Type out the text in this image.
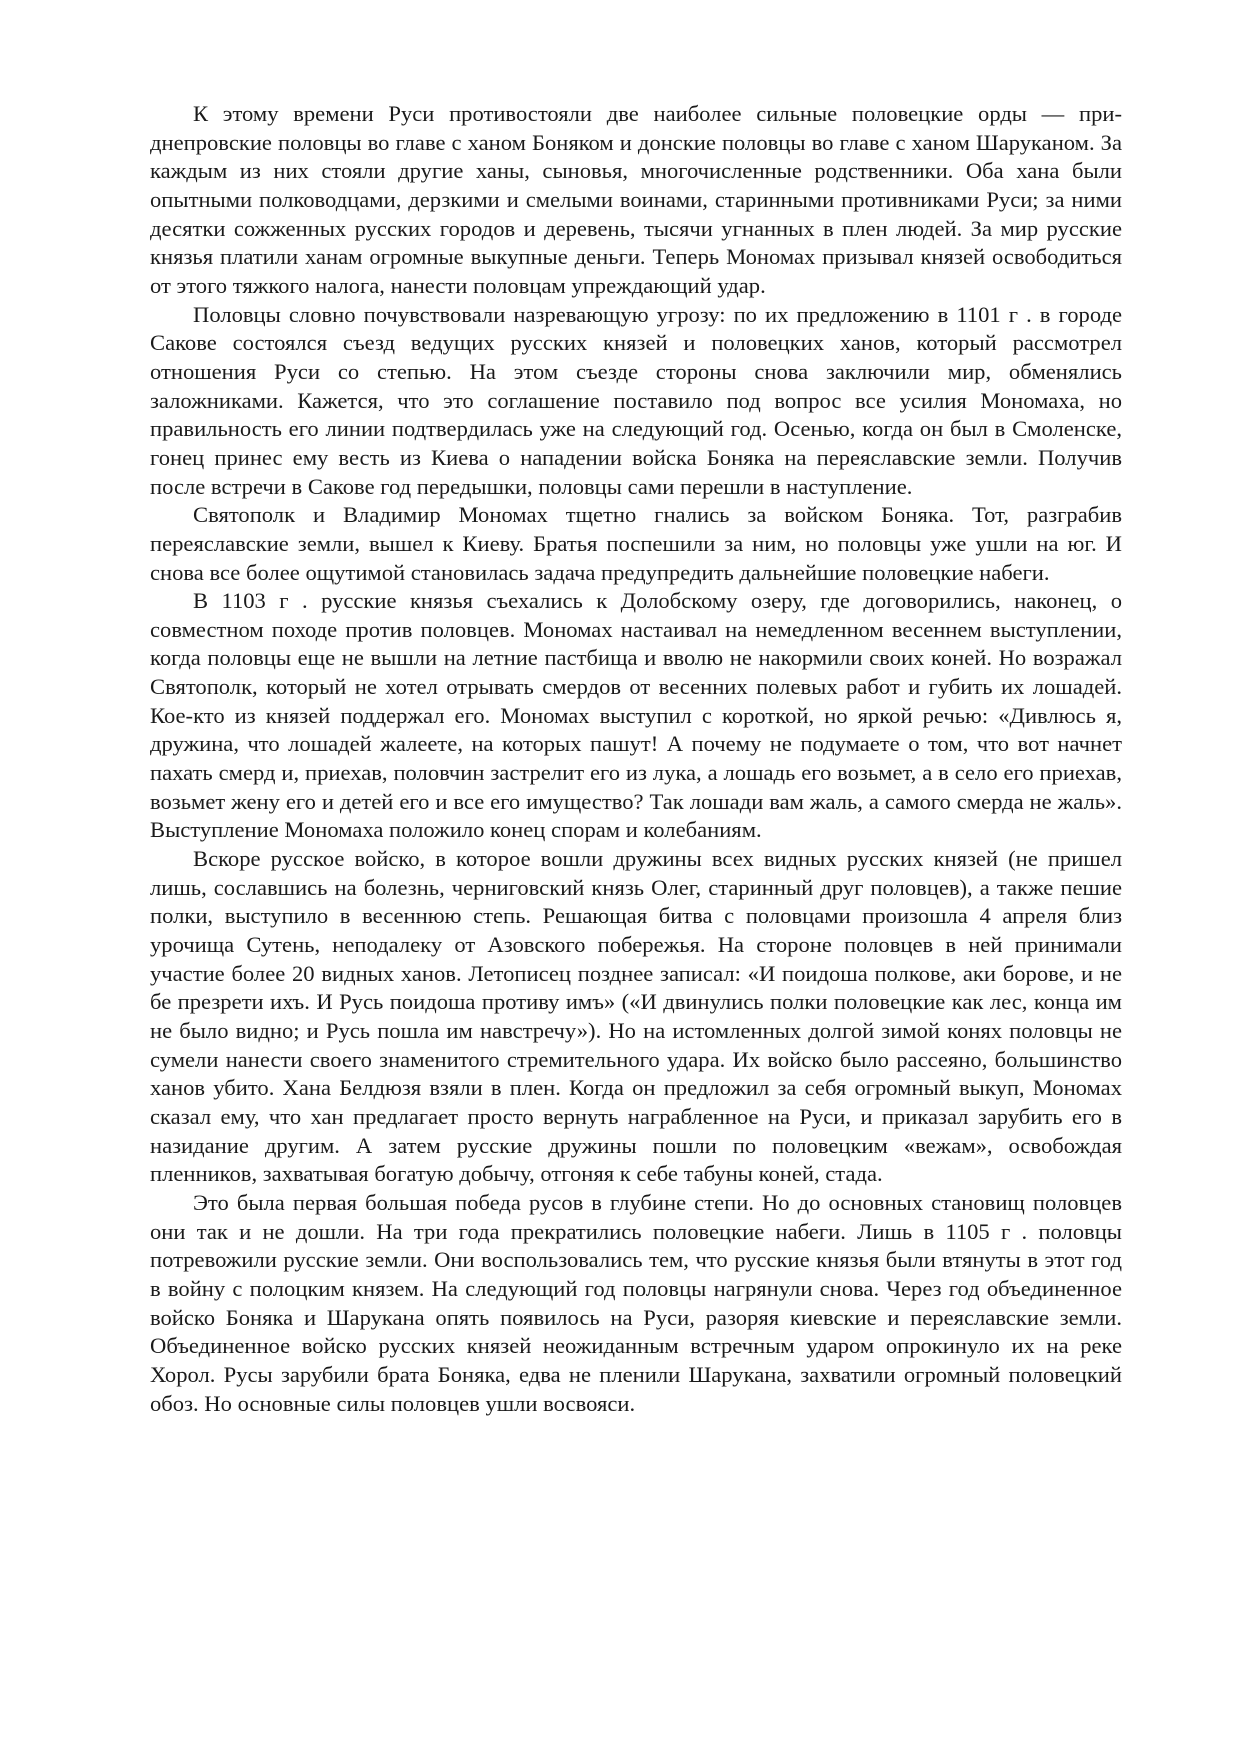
К этому времени Руси противостояли две наиболее сильные половецкие орды — приднепровские половцы во главе с ханом Боняком и донские половцы во главе с ханом Шаруканом. За каждым из них стояли другие ханы, сыновья, многочисленные родственники. Оба хана были опытными полководцами, дерзкими и смелыми воинами, старинными противниками Руси; за ними десятки сожженных русских городов и деревень, тысячи угнанных в плен людей. За мир русские князья платили ханам огромные выкупные деньги. Теперь Мономах призывал князей освободиться от этого тяжкого налога, нанести половцам упреждающий удар.

Половцы словно почувствовали назревающую угрозу: по их предложению в 1101 г . в городе Сакове состоялся съезд ведущих русских князей и половецких ханов, который рассмотрел отношения Руси со степью. На этом съезде стороны снова заключили мир, обменялись заложниками. Кажется, что это соглашение поставило под вопрос все усилия Мономаха, но правильность его линии подтвердилась уже на следующий год. Осенью, когда он был в Смоленске, гонец принес ему весть из Киева о нападении войска Боняка на переяславские земли. Получив после встречи в Сакове год передышки, половцы сами перешли в наступление.

Святополк и Владимир Мономах тщетно гнались за войском Боняка. Тот, разграбив переяславские земли, вышел к Киеву. Братья поспешили за ним, но половцы уже ушли на юг. И снова все более ощутимой становилась задача предупредить дальнейшие половецкие набеги.

В 1103 г . русские князья съехались к Долобскому озеру, где договорились, наконец, о совместном походе против половцев. Мономах настаивал на немедленном весеннем выступлении, когда половцы еще не вышли на летние пастбища и вволю не накормили своих коней. Но возражал Святополк, который не хотел отрывать смердов от весенних полевых работ и губить их лошадей. Кое-кто из князей поддержал его. Мономах выступил с короткой, но яркой речью: «Дивлюсь я, дружина, что лошадей жалеете, на которых пашут! А почему не подумаете о том, что вот начнет пахать смерд и, приехав, половчин застрелит его из лука, а лошадь его возьмет, а в село его приехав, возьмет жену его и детей его и все его имущество? Так лошади вам жаль, а самого смерда не жаль». Выступление Мономаха положило конец спорам и колебаниям.

Вскоре русское войско, в которое вошли дружины всех видных русских князей (не пришел лишь, сославшись на болезнь, черниговский князь Олег, старинный друг половцев), а также пешие полки, выступило в весеннюю степь. Решающая битва с половцами произошла 4 апреля близ урочища Сутень, неподалеку от Азовского побережья. На стороне половцев в ней принимали участие более 20 видных ханов. Летописец позднее записал: «И поидоша полкове, аки борове, и не бе презрети ихъ. И Русь поидоша противу имъ» («И двинулись полки половецкие как лес, конца им не было видно; и Русь пошла им навстречу»). Но на истомленных долгой зимой конях половцы не сумели нанести своего знаменитого стремительного удара. Их войско было рассеяно, большинство ханов убито. Хана Белдюзя взяли в плен. Когда он предложил за себя огромный выкуп, Мономах сказал ему, что хан предлагает просто вернуть награбленное на Руси, и приказал зарубить его в назидание другим. А затем русские дружины пошли по половецким «вежам», освобождая пленников, захватывая богатую добычу, отгоняя к себе табуны коней, стада.

Это была первая большая победа русов в глубине степи. Но до основных становищ половцев они так и не дошли. На три года прекратились половецкие набеги. Лишь в 1105 г . половцы потревожили русские земли. Они воспользовались тем, что русские князья были втянуты в этот год в войну с полоцким князем. На следующий год половцы нагрянули снова. Через год объединенное войско Боняка и Шарукана опять появилось на Руси, разоряя киевские и переяславские земли. Объединенное войско русских князей неожиданным встречным ударом опрокинуло их на реке Хорол. Русы зарубили брата Боняка, едва не пленили Шарукана, захватили огромный половецкий обоз. Но основные силы половцев ушли восвояси.
